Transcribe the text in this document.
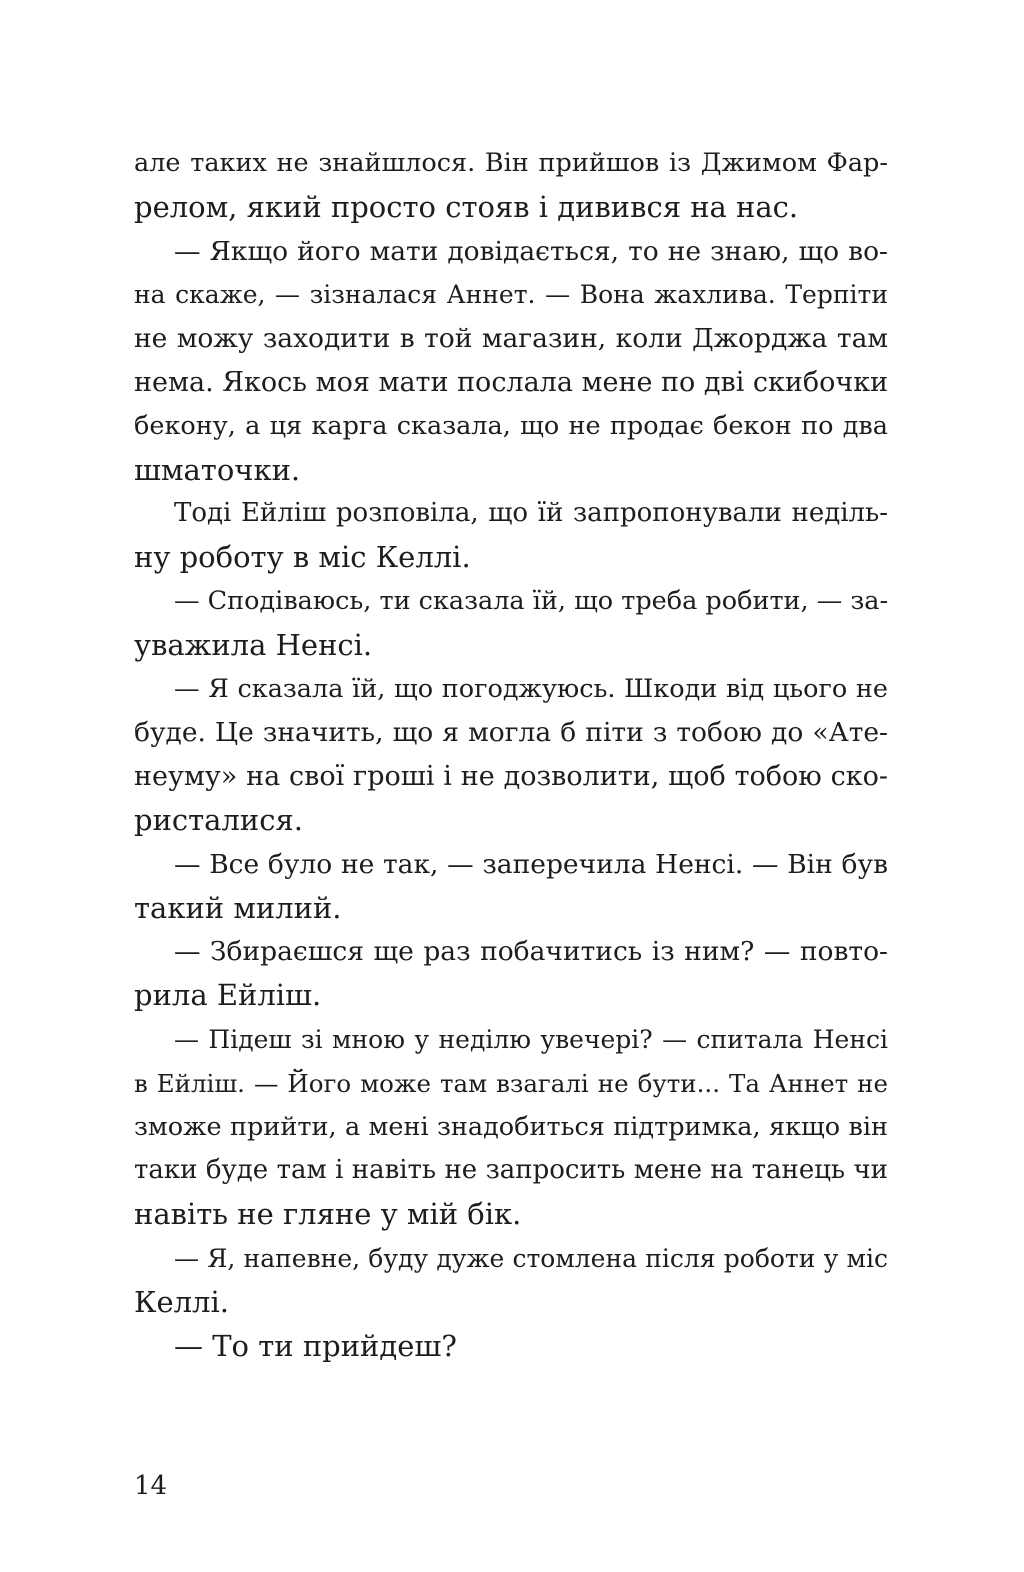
але таких не знайшлося. Він прийшов із Джимом Фар-
релом, який просто стояв і дивився на нас.
— Якщо його мати довідається, то не знаю, що во-
на скаже, — зізналася Аннет. — Вона жахлива. Терпіти
не можу заходити в той магазин, коли Джорджа там
нема. Якось моя мати послала мене по дві скибочки
бекону, а ця карга сказала, що не продає бекон по два
шматочки.
Тоді Ейліш розповіла, що їй запропонували неділь-
ну роботу в міс Келлі.
— Сподіваюсь, ти сказала їй, що треба робити, — за-
уважила Ненсі.
— Я сказала їй, що погоджуюсь. Шкоди від цього не
буде. Це значить, що я могла б піти з тобою до «Ате-
неуму» на свої гроші і не дозволити, щоб тобою ско-
ристалися.
— Все було не так, — заперечила Ненсі. — Він був
такий милий.
— Збираєшся ще раз побачитись із ним? — повто-
рила Ейліш.
— Підеш зі мною у неділю увечері? — спитала Ненсі
в Ейліш. — Його може там взагалі не бути... Та Аннет не
зможе прийти, а мені знадобиться підтримка, якщо він
таки буде там і навіть не запросить мене на танець чи
навіть не гляне у мій бік.
— Я, напевне, буду дуже стомлена після роботи у міс
Келлі.
— То ти прийдеш?
14
